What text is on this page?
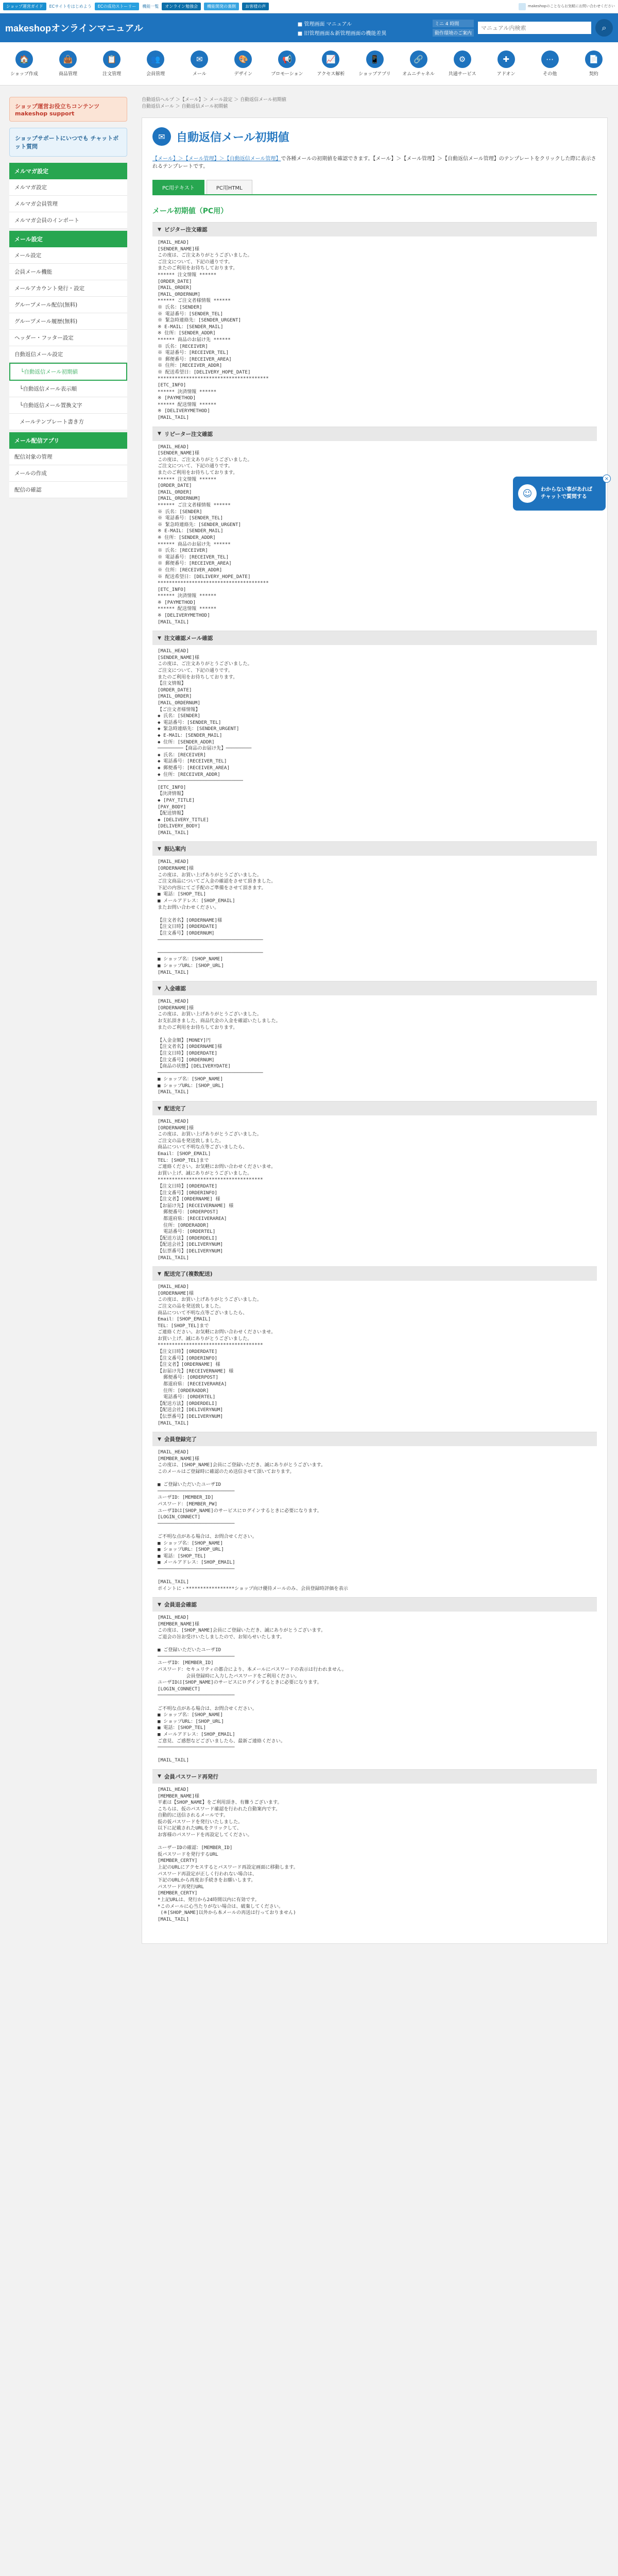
ショップ運営ガイド	ECサイトをはじめよう	ECの成功ストーリー	機能一覧	オンライン勉強会	機能開発の裏側	お客様の声	makeshopのことならお気軽にお問い合わせください
makeshopオンラインマニュアル	■ 管理画面 マニュアル
■ 旧管理画面＆新管理画面の機能差異
ミニ 4 時間
動作環境のご案内
マニュアル内検索
⌕
🏠
ショップ作成
👜
商品管理
📋
注文管理
👥
会員管理
✉
メール
🎨
デザイン
📢
プロモーション
📈
アクセス解析
📱
ショップアプリ
🔗
オムニチャネル
⚙
共通サービス
✚
アドオン
⋯
その他
📄
契約
ショップ運営お役立ちコンテンツ makeshop support
ショップサポートにいつでも チャットボット質問
メルマガ設定
メルマガ設定
メルマガ会員管理
メルマガ会員のインポート
メール設定
メール設定
会員メール機能
メールアカウント発行・設定
グループメール配信(無料)
グループメール履歴(無料)
ヘッダー・フッター設定
自動返信メール設定
└自動返信メール初期値
└自動返信メール表示順
└自動返信メール置換文字
メールテンプレート書き方
メール配信アプリ
配信対象の管理
メールの作成
配信の確認
自動返信ヘルプ ＞【メール】＞ メール設定 ＞ 自動返信メール初期値
自動返信メール ＞ 自動返信メール初期値
✉ 自動返信メール初期値

【メール】＞【メール管理】＞【自動返信メール管理】で各種メールの初期値を確認できます。【メール】＞【メール管理】＞【自動返信メール管理】のテンプレートをクリックした際に表示されるテンプレートです。

PC用テキスト	PC用HTML
メール初期値（PC用）
▼ ビジター注文確認
[MAIL_HEAD]
[SENDER_NAME]様
この度は、ご注文ありがとうございました。
ご注文について、下記の通りです。
またのご利用をお待ちしております。
****** 注文情報 ******
[ORDER_DATE]
[MAIL_ORDER]
[MAIL_ORDERNUM]
****** ご注文者様情報 ******
※ 氏名：[SENDER]
※ 電話番号：[SENDER_TEL]
※ 緊急時連絡先：[SENDER_URGENT]
※ E-MAIL：[SENDER_MAIL]
※ 住所：[SENDER_ADDR]
****** 商品のお届け先 ******
※ 氏名：[RECEIVER]
※ 電話番号：[RECEIVER_TEL]
※ 郵便番号：[RECEIVER_AREA]
※ 住所：[RECEIVER_ADDR]
※ 配送希望日：[DELIVERY_HOPE_DATE]
***************************************
[ETC_INFO]
****** 決済情報 ******
※ [PAYMETHOD]
****** 配送情報 ******
※ [DELIVERYMETHOD]
[MAIL_TAIL]
▼ リピーター注文確認
[MAIL_HEAD]
[SENDER_NAME]様
この度は、ご注文ありがとうございました。
ご注文について、下記の通りです。
またのご利用をお待ちしております。
****** 注文情報 ******
[ORDER_DATE]
[MAIL_ORDER]
[MAIL_ORDERNUM]
****** ご注文者様情報 ******
※ 氏名：[SENDER]
※ 電話番号：[SENDER_TEL]
※ 緊急時連絡先：[SENDER_URGENT]
※ E-MAIL：[SENDER_MAIL]
※ 住所：[SENDER_ADDR]
****** 商品のお届け先 ******
※ 氏名：[RECEIVER]
※ 電話番号：[RECEIVER_TEL]
※ 郵便番号：[RECEIVER_AREA]
※ 住所：[RECEIVER_ADDR]
※ 配送希望日：[DELIVERY_HOPE_DATE]
***************************************
[ETC_INFO]
****** 決済情報 ******
※ [PAYMETHOD]
****** 配送情報 ******
※ [DELIVERYMETHOD]
[MAIL_TAIL]
▼ 注文確認メール確認
[MAIL_HEAD]
[SENDER_NAME]様
この度は、ご注文ありがとうございました。
ご注文について、下記の通りです。
またのご利用をお待ちしております。
【注文情報】
[ORDER_DATE]
[MAIL_ORDER]
[MAIL_ORDERNUM]
【ご注文者様情報】
◆ 氏名：[SENDER]
◆ 電話番号：[SENDER_TEL]
◆ 緊急時連絡先：[SENDER_URGENT]
◆ E-MAIL：[SENDER_MAIL]
◆ 住所：[SENDER_ADDR]
─────────【商品のお届け先】─────────
◆ 氏名：[RECEIVER]
◆ 電話番号：[RECEIVER_TEL]
◆ 郵便番号：[RECEIVER_AREA]
◆ 住所：[RECEIVER_ADDR]
──────────────────────────────
[ETC_INFO]
【決済情報】
◆ [PAY_TITLE]
[PAY_BODY]
【配送情報】
◆ [DELIVERY_TITLE]
[DELIVERY_BODY]
[MAIL_TAIL]
▼ 振込案内
[MAIL_HEAD]
[ORDERNAME]様
この度は、お買い上げありがとうございました。
ご注文商品についてご入金の確認をさせて頂きました。
下記の内容にてご手配のご準備をさせて頂きます。
■ 電話：[SHOP_TEL]
■ メールアドレス：[SHOP_EMAIL]
またお問い合わせください。

【注文者名】[ORDERNAME]様
【注文日時】[ORDERDATE]
【注文番号】[ORDERNUM]
─────────────────────────────────────

─────────────────────────────────────
■ ショップ名：[SHOP_NAME]
■ ショップURL：[SHOP_URL]
[MAIL_TAIL]
▼ 入金確認
[MAIL_HEAD]
[ORDERNAME]様
この度は、お買い上げありがとうございました。
お支払頂きました、商品代金の入金を確認いたしました。
またのご利用をお待ちしております。

【入金金額】[MONEY]円
【注文者名】[ORDERNAME]様
【注文日時】[ORDERDATE]
【注文番号】[ORDERNUM]
【商品の状態】[DELIVERYDATE]
─────────────────────────────────────
■ ショップ名：[SHOP_NAME]
■ ショップURL：[SHOP_URL]
[MAIL_TAIL]
▼ 配送完了
[MAIL_HEAD]
[ORDERNAME]様
この度は、お買い上げありがとうございました。
ご注文の品を発送致しました。
商品について不明な点等ございましたら、
Email：[SHOP_EMAIL]
TEL：[SHOP_TEL]まで
ご連絡ください。お気軽にお問い合わせくださいませ。
お買い上げ、誠にありがとうございました。
*************************************
【注文日時】[ORDERDATE]
【注文番号】[ORDERINFO]
【注文者】[ORDERNAME] 様
【お届け先】[RECEIVERNAME] 様
郵便番号：[ORDERPOST]
都道府県：[RECEIVERAREA]
住所：[ORDERADDR]
電話番号：[ORDERTEL]
【配送方法】[ORDERDELI]
【配送会社】[DELIVERYNUM]
【伝票番号】[DELIVERYNUM]
[MAIL_TAIL]
▼ 配送完了(複数配送)
[MAIL_HEAD]
[ORDERNAME]様
この度は、お買い上げありがとうございました。
ご注文の品を発送致しました。
商品について不明な点等ございましたら、
Email：[SHOP_EMAIL]
TEL：[SHOP_TEL]まで
ご連絡ください。お気軽にお問い合わせくださいませ。
お買い上げ、誠にありがとうございました。
*************************************
【注文日時】[ORDERDATE]
【注文番号】[ORDERINFO]
【注文者】[ORDERNAME] 様
【お届け先】[RECEIVERNAME] 様
郵便番号：[ORDERPOST]
都道府県：[RECEIVERAREA]
住所：[ORDERADDR]
電話番号：[ORDERTEL]
【配送方法】[ORDERDELI]
【配送会社】[DELIVERYNUM]
【伝票番号】[DELIVERYNUM]
[MAIL_TAIL]
▼ 会員登録完了
[MAIL_HEAD]
[MEMBER_NAME]様
この度は、[SHOP_NAME]会員にご登録いただき、誠にありがとうございます。
このメールはご登録時に確認のため送信させて頂いております。

■ ご登録いただいたユーザID
───────────────────────────
ユーザID：[MEMBER_ID]
パスワード：[MEMBER_PW]
ユーザIDは[SHOP_NAME]のサービスにログインするときに必要になります。
[LOGIN_CONNECT]
───────────────────────────

ご不明な点がある場合は、お問合せください。
■ ショップ名：[SHOP_NAME]
■ ショップURL：[SHOP_URL]
■ 電話：[SHOP_TEL]
■ メールアドレス：[SHOP_EMAIL]
───────────────────────────

[MAIL_TAIL]
ポイントに・*****************ショップ向け優待メールのみ、会員登録時評価を表示
▼ 会員退会確認
[MAIL_HEAD]
[MEMBER_NAME]様
この度は、[SHOP_NAME]会員にご登録いただき、誠にありがとうございます。
ご退会の旨お受けいたしましたので、お知らせいたします。

■ ご登録いただいたユーザID
───────────────────────────
ユーザID：[MEMBER_ID]
パスワード：セキュリティの都合により、本メールにパスワードの表示は行われません。
会員登録時に入力したパスワードをご利用ください。
ユーザIDは[SHOP_NAME]のサービスにログインするときに必要になります。
[LOGIN_CONNECT]
───────────────────────────

ご不明な点がある場合は、お問合せください。
■ ショップ名：[SHOP_NAME]
■ ショップURL：[SHOP_URL]
■ 電話：[SHOP_TEL]
■ メールアドレス：[SHOP_EMAIL]
ご意見、ご感想などございましたら、最新ご連絡ください。
───────────────────────────

[MAIL_TAIL]
▼ 会員パスワード再発行
[MAIL_HEAD]
[MEMBER_NAME]様
平素は【SHOP_NAME】をご利用頂き、有難うございます。
こちらは、仮のパスワード確認を行われた自動案内です。
自動的に送信されるメールです。
仮の仮パスワードを発行いたしました。
以下に記載されたURLをクリックして、
お客様のパスワードを再設定してください。

ユーザーIDの確認：[MEMBER_ID]
仮パスワードを発行するURL
[MEMBER_CERTY]
上記のURLにアクセスするとパスワード再設定画面に移動します。
パスワード再設定が正しく行われない場合は、
下記のURLから再度お手続きをお願いします。
パスワード再発行URL
[MEMBER_CERTY]
*上記URLは、発行から24時間以内に有効です。
*このメールに心当たりがない場合は、破棄してください。
(※[SHOP_NAME]以外から本メールの再送は行っておりません)
[MAIL_TAIL]
☺	わからない事があれば
チャットで質問する
×
